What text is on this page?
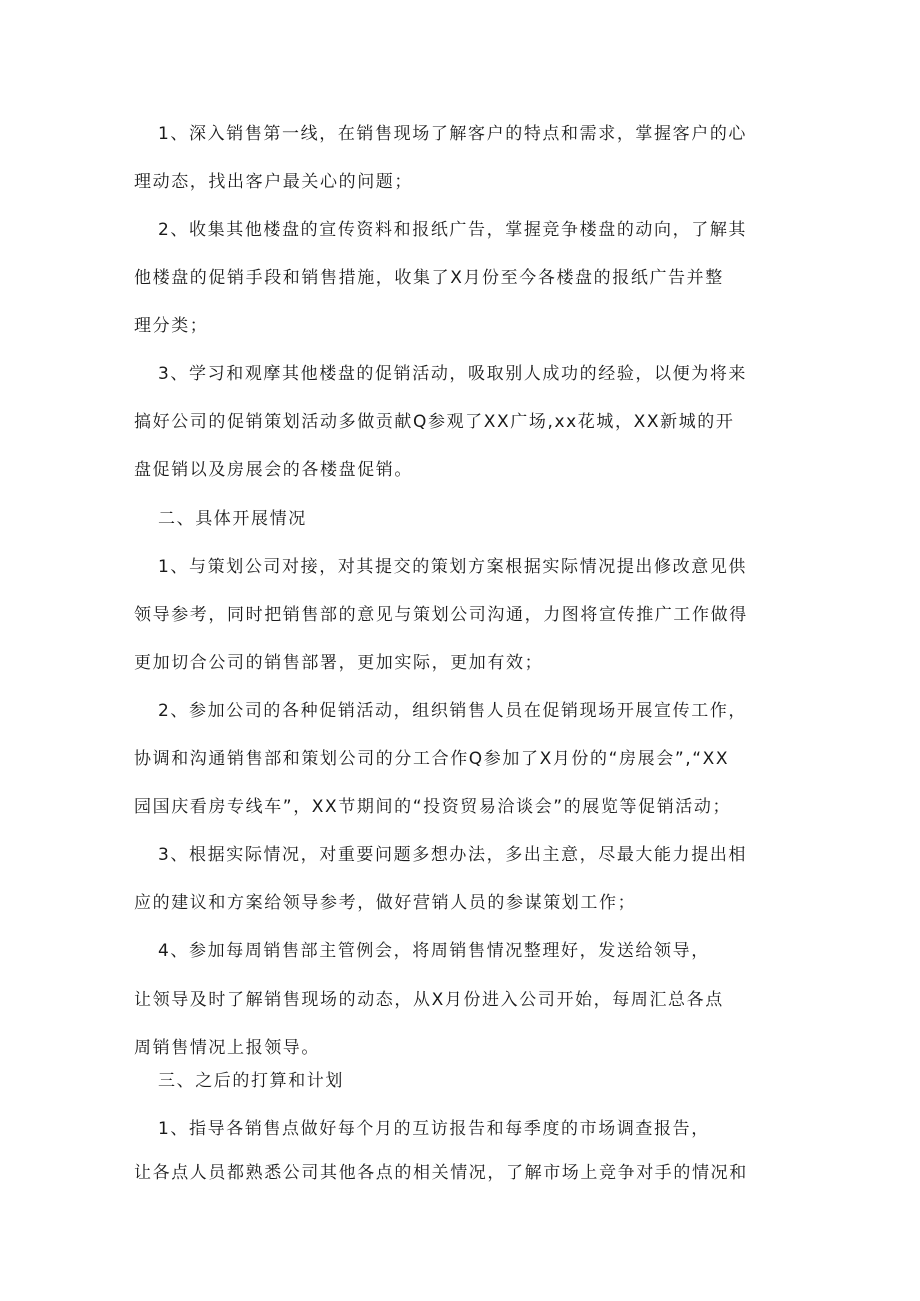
1、深入销售第一线，在销售现场了解客户的特点和需求，掌握客户的心
理动态，找出客户最关心的问题；
2、收集其他楼盘的宣传资料和报纸广告，掌握竞争楼盘的动向，了解其
他楼盘的促销手段和销售措施，收集了X月份至今各楼盘的报纸广告并整
理分类；
3、学习和观摩其他楼盘的促销活动，吸取别人成功的经验，以便为将来
搞好公司的促销策划活动多做贡献Q参观了XX广场,xx花城，XX新城的开
盘促销以及房展会的各楼盘促销。
二、具体开展情况
1、与策划公司对接，对其提交的策划方案根据实际情况提出修改意见供
领导参考，同时把销售部的意见与策划公司沟通，力图将宣传推广工作做得
更加切合公司的销售部署，更加实际，更加有效；
2、参加公司的各种促销活动，组织销售人员在促销现场开展宣传工作，
协调和沟通销售部和策划公司的分工合作Q参加了X月份的“房展会”,“XX
园国庆看房专线车”，XX节期间的“投资贸易洽谈会”的展览等促销活动；
3、根据实际情况，对重要问题多想办法，多出主意，尽最大能力提出相
应的建议和方案给领导参考，做好营销人员的参谋策划工作；
4、参加每周销售部主管例会，将周销售情况整理好，发送给领导，
让领导及时了解销售现场的动态，从X月份进入公司开始，每周汇总各点
周销售情况上报领导。
三、之后的打算和计划
1、指导各销售点做好每个月的互访报告和每季度的市场调查报告，
让各点人员都熟悉公司其他各点的相关情况，了解市场上竞争对手的情况和
